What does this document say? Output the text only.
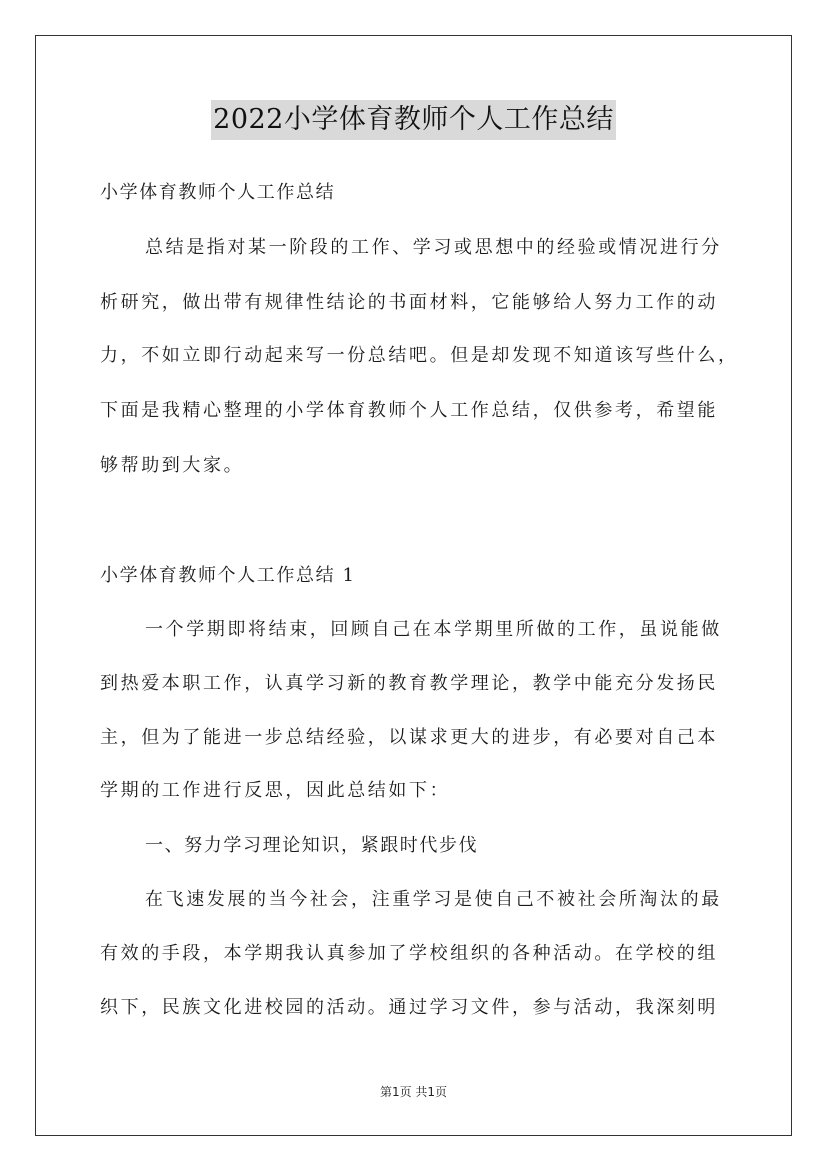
2022小学体育教师个人工作总结
小学体育教师个人工作总结
总结是指对某一阶段的工作、学习或思想中的经验或情况进行分
析研究，做出带有规律性结论的书面材料，它能够给人努力工作的动
力，不如立即行动起来写一份总结吧。但是却发现不知道该写些什么，
下面是我精心整理的小学体育教师个人工作总结，仅供参考，希望能
够帮助到大家。
小学体育教师个人工作总结 1
一个学期即将结束，回顾自己在本学期里所做的工作，虽说能做
到热爱本职工作，认真学习新的教育教学理论，教学中能充分发扬民
主，但为了能进一步总结经验，以谋求更大的进步，有必要对自己本
学期的工作进行反思，因此总结如下：
一、努力学习理论知识，紧跟时代步伐
在飞速发展的当今社会，注重学习是使自己不被社会所淘汰的最
有效的手段，本学期我认真参加了学校组织的各种活动。在学校的组
织下，民族文化进校园的活动。通过学习文件，参与活动，我深刻明
第1页 共1页
